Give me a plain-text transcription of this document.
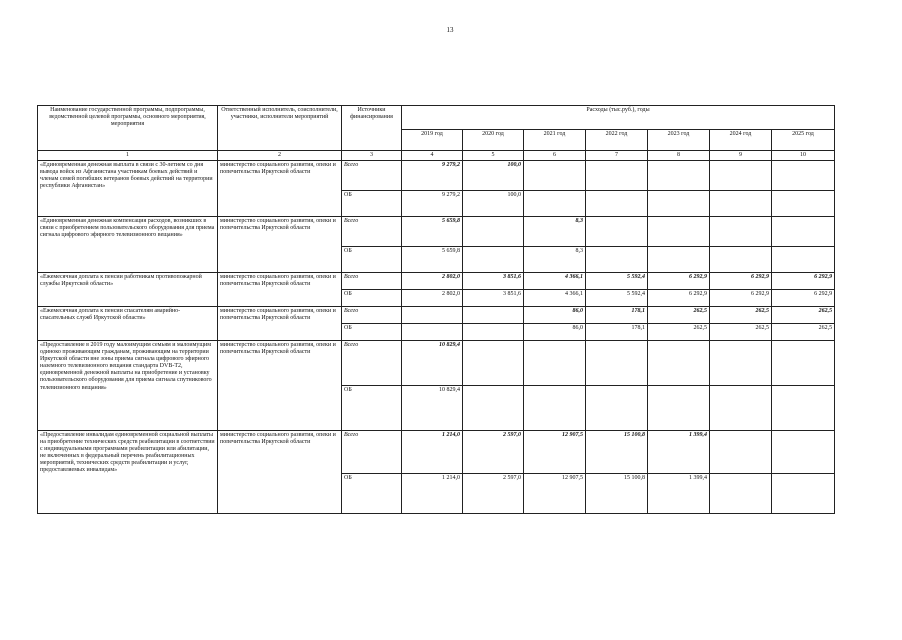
13
Наименование государственной программы, подпрограммы, ведомственной целевой программы, основного мероприятия, мероприятия	Ответственный исполнитель, соисполнители, участники, исполнители мероприятий	Источники финансирования	Расходы (тыс.руб.), годы						
			2019 год	2020 год	2021 год	2022 год	2023 год	2024 год	2025 год
1	2	3	4	5	6	7	8	9	10
«Единовременная денежная выплата в связи с 30-летием со дня вывода войск из Афганистана участникам боевых действий и членам семей погибших ветеранов боевых действий на территории республики Афганистан»	министерство социального развития, опеки и попечительства Иркутской области	Всего	9 279,2	100,0					
		ОБ	9 279,2	100,0					
«Единовременная денежная компенсация расходов, возникших в связи с приобретением пользовательского оборудования для приема сигнала цифрового эфирного телевизионного вещания»	министерство социального развития, опеки и попечительства Иркутской области	Всего	5 659,8		8,3				
		ОБ	5 659,8		8,3				
«Ежемесячная доплата к пенсии работникам противопожарной службы Иркутской области»	министерство социального развития, опеки и попечительства Иркутской области	Всего	2 802,0	3 851,6	4 366,1	5 592,4	6 292,9	6 292,9	6 292,9
		ОБ	2 802,0	3 851,6	4 366,1	5 592,4	6 292,9	6 292,9	6 292,9
«Ежемесячная доплата к пенсии спасателям аварийно-спасательных служб Иркутской области»	министерство социального развития, опеки и попечительства Иркутской области	Всего			86,0	178,1	262,5	262,5	262,5
		ОБ			86,0	178,1	262,5	262,5	262,5
«Предоставление в 2019 году малоимущим семьям и малоимущим одиноко проживающим гражданам, проживающим на территории Иркутской области вне зоны приема сигнала цифрового эфирного наземного телевизионного вещания стандарта DVB-T2, единовременной денежной выплаты на приобретение и установку пользовательского оборудования для приема сигнала спутникового телевизионного вещания»	министерство социального развития, опеки и попечительства Иркутской области	Всего	10 829,4						
		ОБ	10 829,4						
«Предоставление инвалидам единовременной социальной выплаты на приобретение технических средств реабилитации в соответствии с индивидуальными программами реабилитации или абилитации, не включенных в федеральный перечень реабилитационных мероприятий, технических средств реабилитации и услуг, предоставляемых инвалидам»	министерство социального развития, опеки и попечительства Иркутской области	Всего	1 214,0	2 597,0	12 907,5	15 100,8	1 399,4		
		ОБ	1 214,0	2 597,0	12 907,5	15 100,8	1 399,4		
